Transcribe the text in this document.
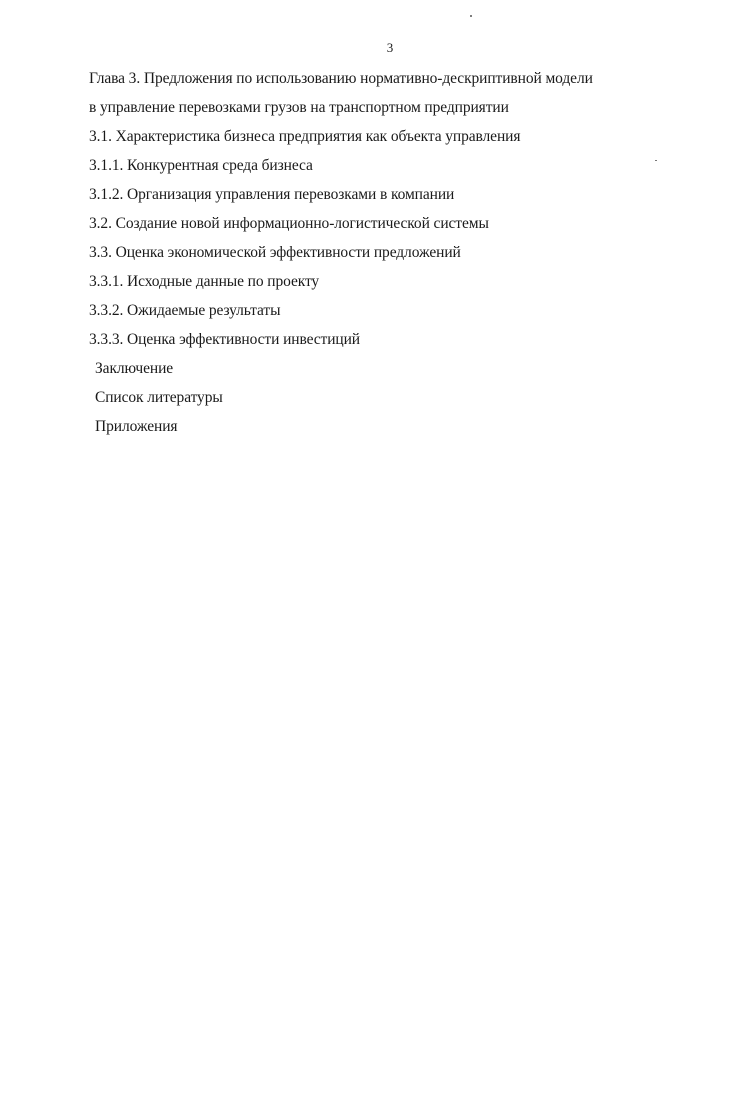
3
Глава 3. Предложения по использованию нормативно-дескриптивной модели
в управление перевозками грузов на транспортном предприятии
3.1. Характеристика бизнеса предприятия как объекта управления
3.1.1. Конкурентная среда бизнеса
3.1.2. Организация управления перевозками в компании
3.2. Создание новой информационно-логистической системы
3.3. Оценка экономической эффективности предложений
3.3.1. Исходные данные по проекту
3.3.2. Ожидаемые результаты
3.3.3. Оценка эффективности инвестиций
Заключение
Список литературы
Приложения
